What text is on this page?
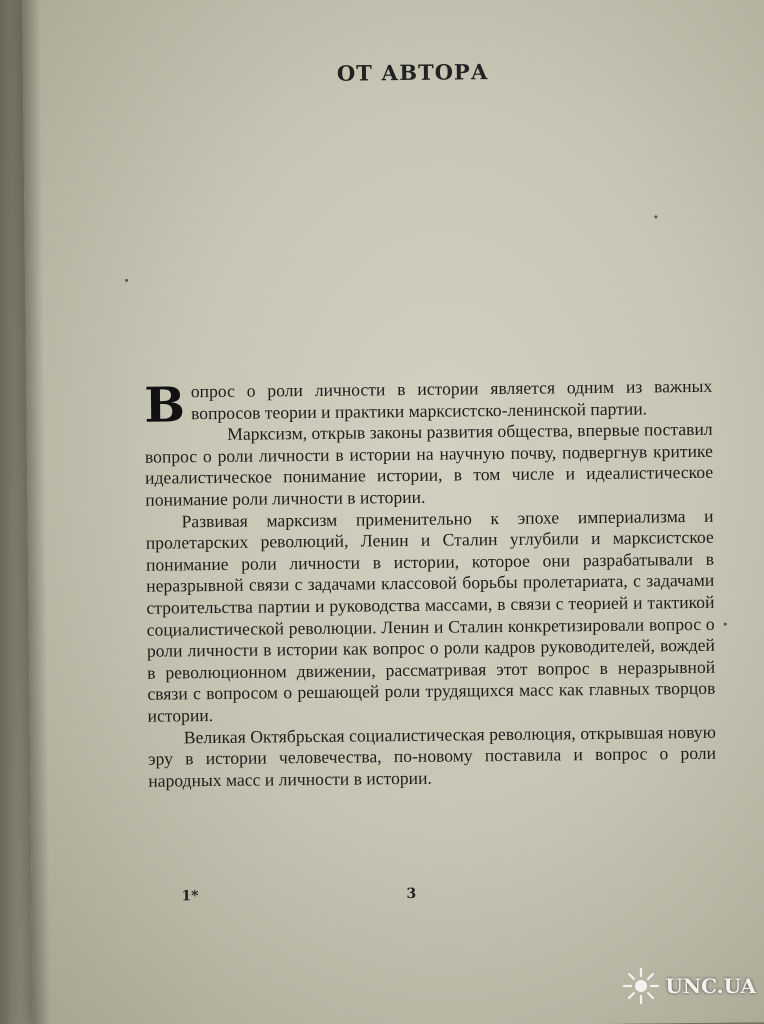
ОТ АВТОРА

Вопрос о роли личности в истории является одним из важных вопросов теории и практики марксистско-ленинской партии.

Марксизм, открыв законы развития общества, впервые поставил вопрос о роли личности в истории на научную почву, подвергнув критике идеалистическое понимание истории, в том числе и идеалистическое понимание роли личности в истории.

Развивая марксизм применительно к эпохе империализма и пролетарских революций, Ленин и Сталин углубили и марксистское понимание роли личности в истории, которое они разрабатывали в неразрывной связи с задачами классовой борьбы пролетариата, с задачами строительства партии и руководства массами, в связи с теорией и тактикой социалистической революции. Ленин и Сталин конкретизировали вопрос о роли личности в истории как вопрос о роли кадров руководителей, вождей в революционном движении, рассматривая этот вопрос в неразрывной связи с вопросом о решающей роли трудящихся масс как главных творцов истории.

Великая Октябрьская социалистическая революция, открывшая новую эру в истории человечества, по-новому поставила и вопрос о роли народных масс и личности в истории.

1*	3
UNC.UA
